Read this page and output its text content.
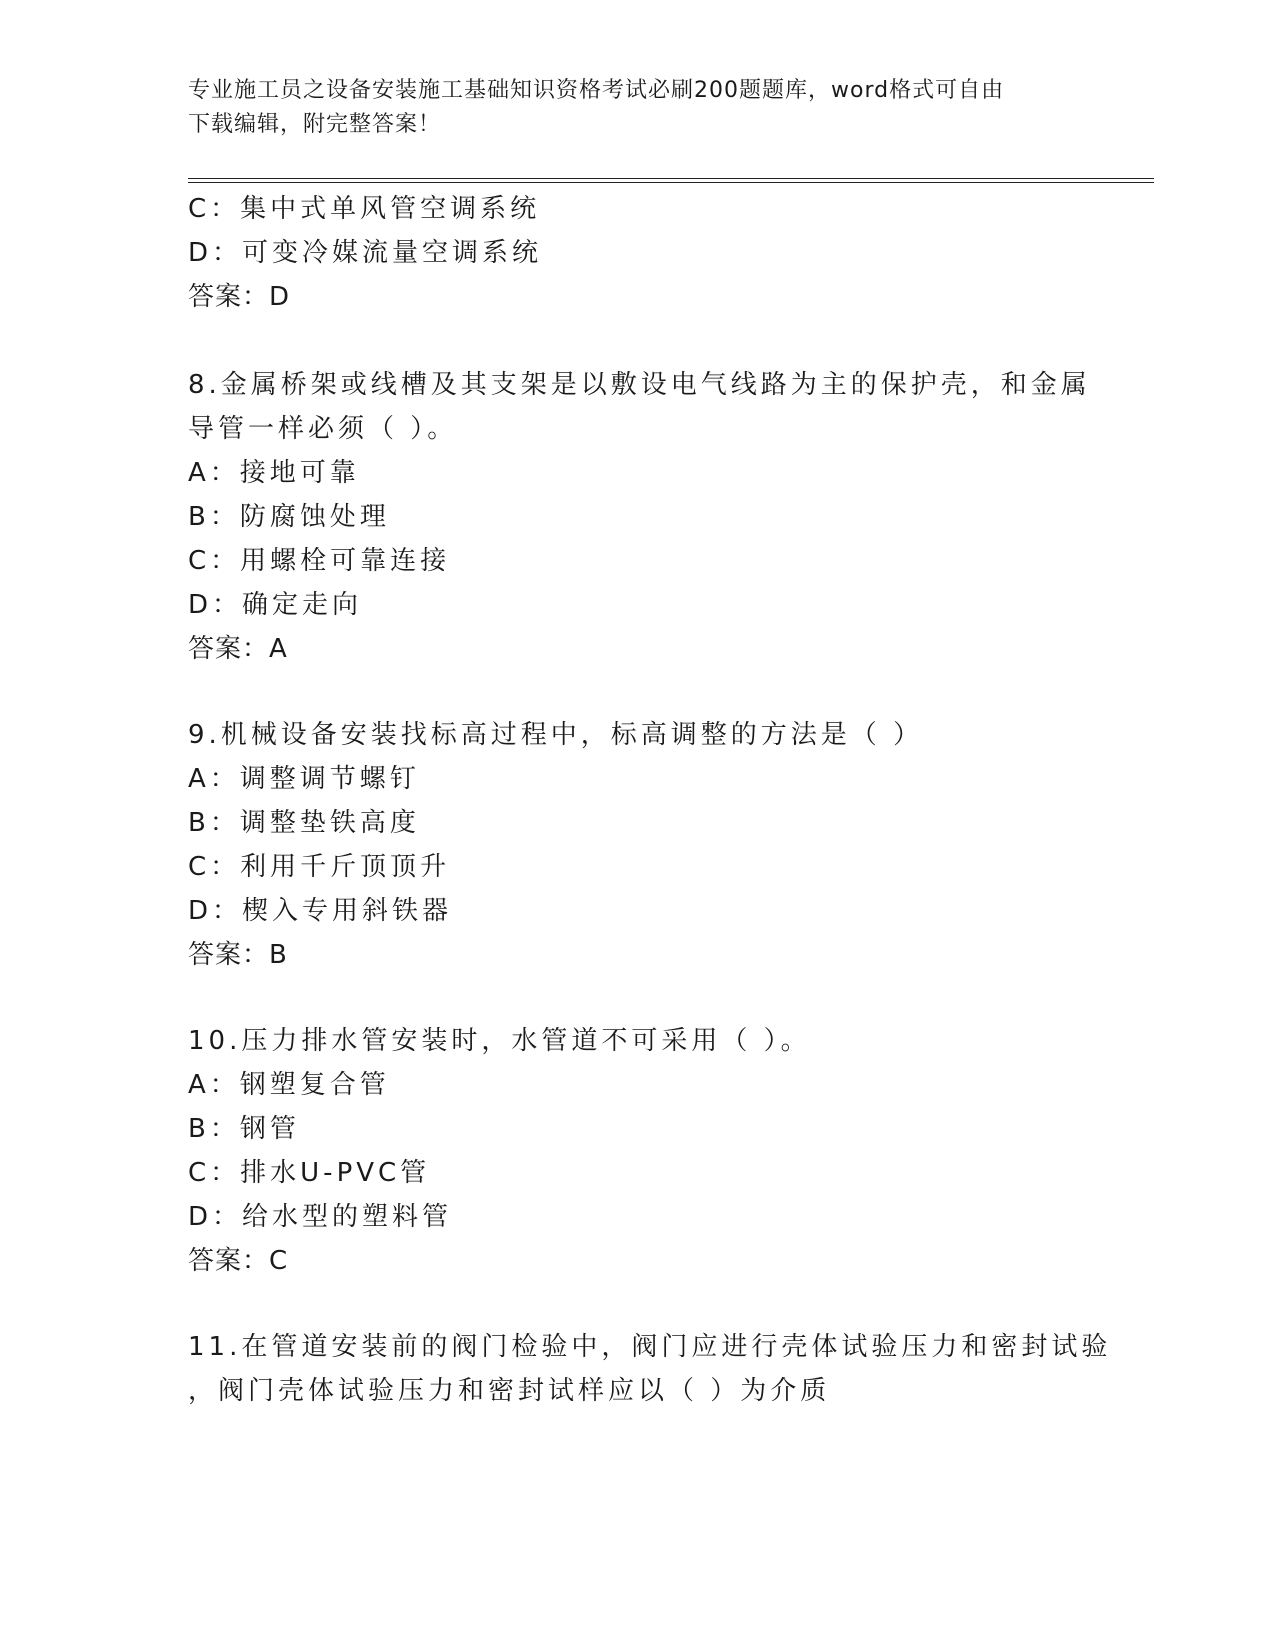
专业施工员之设备安装施工基础知识资格考试必刷200题题库，word格式可自由
下载编辑，附完整答案！
C：集中式单风管空调系统
D：可变冷媒流量空调系统
答案：D
8.金属桥架或线槽及其支架是以敷设电气线路为主的保护壳，和金属
导管一样必须（ ）。
A：接地可靠
B：防腐蚀处理
C：用螺栓可靠连接
D：确定走向
答案：A
9.机械设备安装找标高过程中，标高调整的方法是（ ）
A：调整调节螺钉
B：调整垫铁高度
C：利用千斤顶顶升
D：楔入专用斜铁器
答案：B
10.压力排水管安装时，水管道不可采用（ ）。
A：钢塑复合管
B：钢管
C：排水U-PVC管
D：给水型的塑料管
答案：C
11.在管道安装前的阀门检验中，阀门应进行壳体试验压力和密封试验
，阀门壳体试验压力和密封试样应以（ ）为介质
